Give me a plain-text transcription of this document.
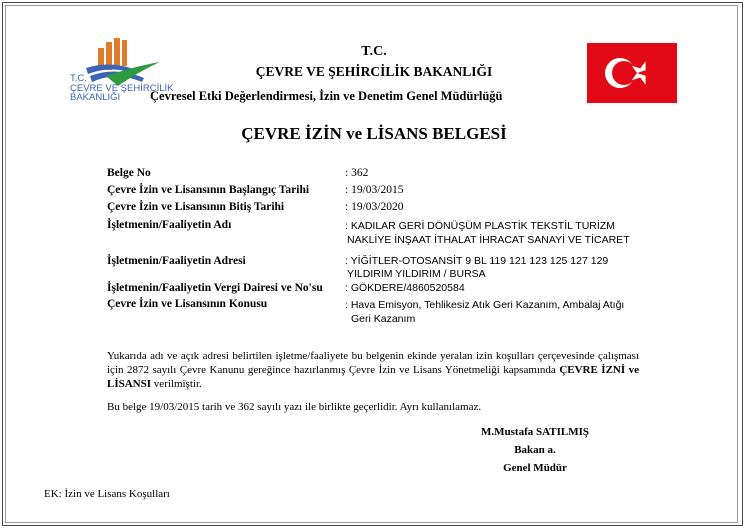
T.C.
ÇEVRE VE ŞEHİRCİLİK
BAKANLIĞI
T.C.
ÇEVRE VE ŞEHİRCİLİK BAKANLIĞI
Çevresel Etki Değerlendirmesi, İzin ve Denetim Genel Müdürlüğü
ÇEVRE İZİN ve LİSANS BELGESİ
Belge No	: 362
Çevre İzin ve Lisansının Başlangıç Tarihi	: 19/03/2015
Çevre İzin ve Lisansının Bitiş Tarihi	: 19/03/2020
İşletmenin/Faaliyetin Adı	: KADILAR GERİ DÖNÜŞÜM PLASTİK TEKSTİL TURİZM
NAKLİYE İNŞAAT İTHALAT İHRACAT SANAYİ VE TİCARET
İşletmenin/Faaliyetin Adresi	: YİĞİTLER-OTOSANSİT 9 BL 119 121 123 125 127 129
YILDIRIM YILDIRIM / BURSA
İşletmenin/Faaliyetin Vergi Dairesi ve No'su : GÖKDERE/4860520584
Çevre İzin ve Lisansının Konusu	: Hava Emisyon, Tehlikesiz Atık Geri Kazanım, Ambalaj Atığı
Geri Kazanım
Yukarıda adı ve açık adresi belirtilen işletme/faaliyete bu belgenin ekinde yeralan izin koşulları çerçevesinde çalışması için 2872 sayılı Çevre Kanunu gereğince hazırlanmış Çevre İzin ve Lisans Yönetmeliği kapsamında ÇEVRE İZNİ ve LİSANSI verilmiştir.
Bu belge 19/03/2015 tarih ve 362 sayılı yazı ile birlikte geçerlidir. Ayrı kullanılamaz.
M.Mustafa SATILMIŞ
Bakan a.
Genel Müdür
EK: İzin ve Lisans Koşulları
